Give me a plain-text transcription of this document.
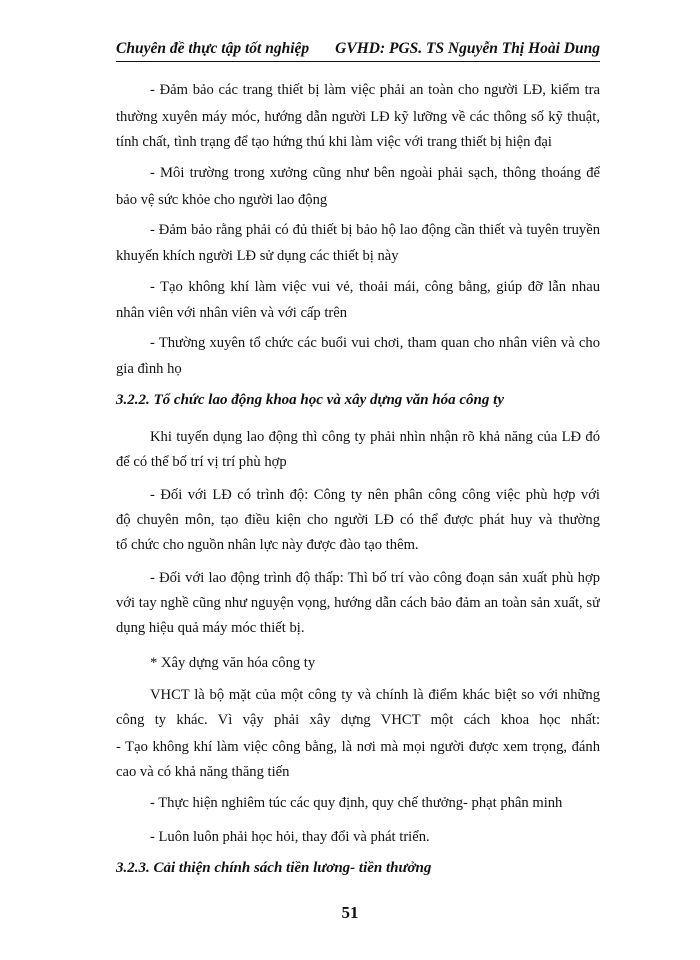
Chuyên đề thực tập tốt nghiệp GVHD: PGS. TS Nguyễn Thị Hoài Dung
- Đảm bảo các trang thiết bị làm việc phải an toàn cho người LĐ, kiểm tra
thường xuyên máy móc, hướng dẫn người LĐ kỹ lưỡng về các thông số kỹ thuật,
tính chất, tình trạng để tạo hứng thú khi làm việc với trang thiết bị hiện đại
- Môi trường trong xưởng cũng như bên ngoài phải sạch, thông thoáng để
bảo vệ sức khỏe cho người lao động
- Đảm bảo rằng phải có đủ thiết bị bảo hộ lao động cần thiết và tuyên truyền
khuyến khích người LĐ sử dụng các thiết bị này
- Tạo không khí làm việc vui vẻ, thoải mái, công bằng, giúp đỡ lẫn nhau
nhân viên với nhân viên và với cấp trên
- Thường xuyên tổ chức các buổi vui chơi, tham quan cho nhân viên và cho
gia đình họ
3.2.2. Tổ chức lao động khoa học và xây dựng văn hóa công ty
Khi tuyển dụng lao động thì công ty phải nhìn nhận rõ khả năng của LĐ đó
để có thể bố trí vị trí phù hợp
- Đối với LĐ có trình độ: Công ty nên phân công công việc phù hợp với
độ chuyên môn, tạo điều kiện cho người LĐ có thể được phát huy và thường
tổ chức cho nguồn nhân lực này được đào tạo thêm.
- Đối với lao động trình độ thấp: Thì bố trí vào công đoạn sản xuất phù hợp
với tay nghề cũng như nguyện vọng, hướng dẫn cách bảo đảm an toàn sản xuất, sử
dụng hiệu quả máy móc thiết bị.
* Xây dựng văn hóa công ty
VHCT là bộ mặt của một công ty và chính là điểm khác biệt so với những
công ty khác. Vì vậy phải xây dựng VHCT một cách khoa học nhất:
- Tạo không khí làm việc công bằng, là nơi mà mọi người được xem trọng, đánh
cao và có khả năng thăng tiến
- Thực hiện nghiêm túc các quy định, quy chế thưởng- phạt phân minh
- Luôn luôn phải học hỏi, thay đổi và phát triển.
3.2.3. Cải thiện chính sách tiền lương- tiền thưởng
51
